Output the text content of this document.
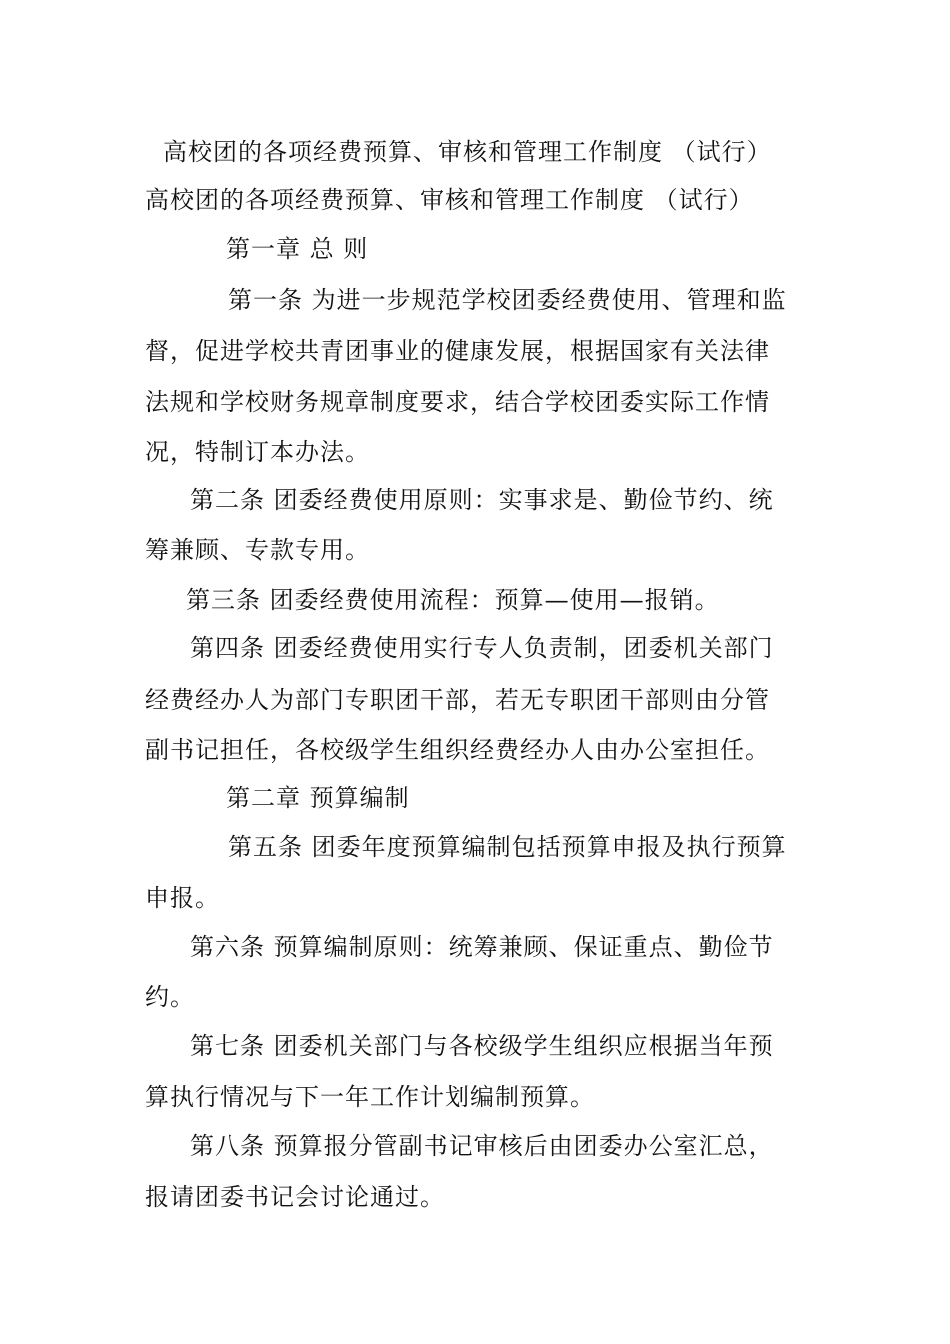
高校团的各项经费预算、审核和管理工作制度 （试行）

高校团的各项经费预算、审核和管理工作制度 （试行）

第一章 总 则

第一条 为进一步规范学校团委经费使用、管理和监

督，促进学校共青团事业的健康发展，根据国家有关法律

法规和学校财务规章制度要求，结合学校团委实际工作情

况，特制订本办法。

第二条 团委经费使用原则：实事求是、勤俭节约、统

筹兼顾、专款专用。

第三条 团委经费使用流程：预算—使用—报销。

第四条 团委经费使用实行专人负责制，团委机关部门

经费经办人为部门专职团干部，若无专职团干部则由分管

副书记担任，各校级学生组织经费经办人由办公室担任。

第二章 预算编制

第五条 团委年度预算编制包括预算申报及执行预算

申报。

第六条 预算编制原则：统筹兼顾、保证重点、勤俭节

约。

第七条 团委机关部门与各校级学生组织应根据当年预

算执行情况与下一年工作计划编制预算。

第八条 预算报分管副书记审核后由团委办公室汇总，

报请团委书记会讨论通过。
